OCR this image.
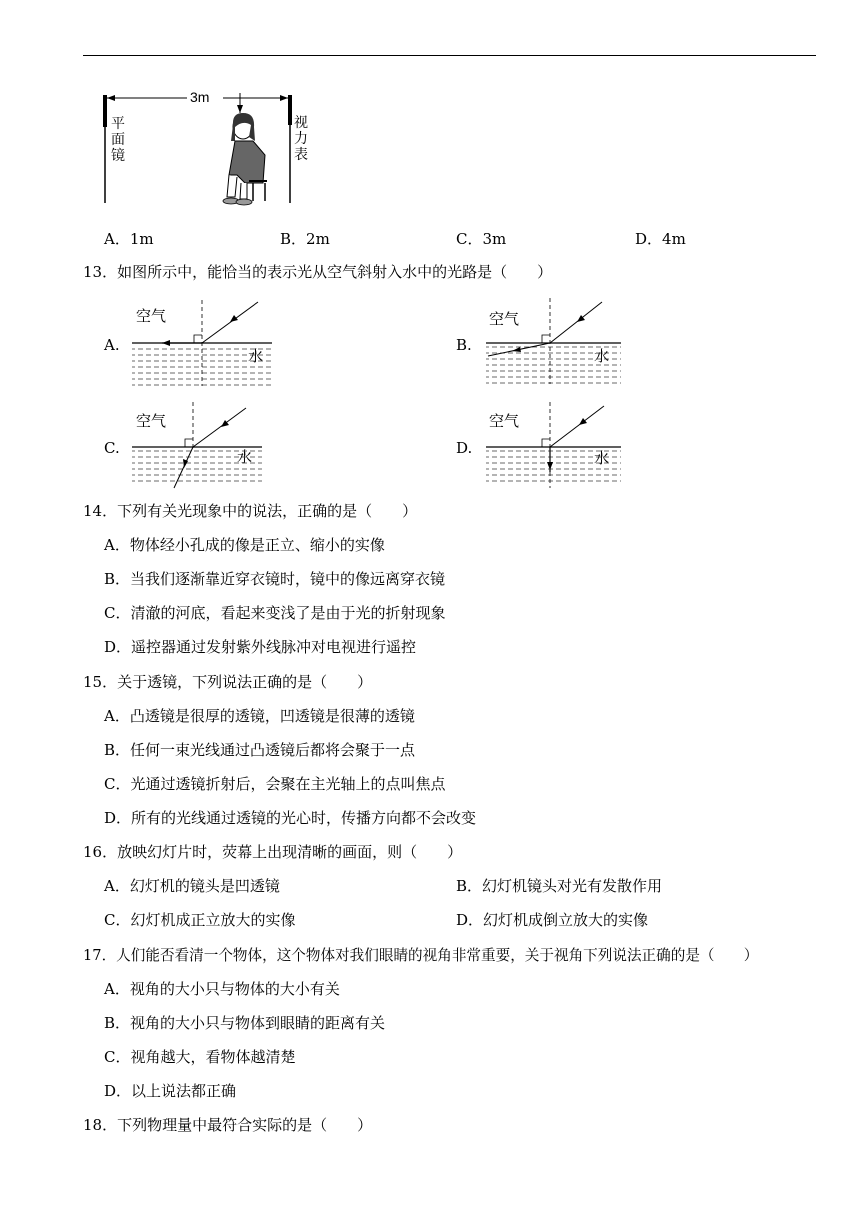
3m
平面镜
视力表
A．1m	B．2m	C．3m	D．4m
13．如图所示中，能恰当的表示光从空气斜射入水中的光路是（　　）
A.
空气
B.
空气
C.
空气
D.
空气
14．下列有关光现象中的说法，正确的是（　　）
A．物体经小孔成的像是正立、缩小的实像
B．当我们逐渐靠近穿衣镜时，镜中的像远离穿衣镜
C．清澈的河底，看起来变浅了是由于光的折射现象
D．遥控器通过发射紫外线脉冲对电视进行遥控
15．关于透镜，下列说法正确的是（　　）
A．凸透镜是很厚的透镜，凹透镜是很薄的透镜
B．任何一束光线通过凸透镜后都将会聚于一点
C．光通过透镜折射后，会聚在主光轴上的点叫焦点
D．所有的光线通过透镜的光心时，传播方向都不会改变
16．放映幻灯片时，荧幕上出现清晰的画面，则（　　）
A．幻灯机的镜头是凹透镜	B．幻灯机镜头对光有发散作用
C．幻灯机成正立放大的实像	D．幻灯机成倒立放大的实像
17．人们能否看清一个物体，这个物体对我们眼睛的视角非常重要，关于视角下列说法正确的是（　　）
A．视角的大小只与物体的大小有关
B．视角的大小只与物体到眼睛的距离有关
C．视角越大，看物体越清楚
D．以上说法都正确
18．下列物理量中最符合实际的是（　　）
